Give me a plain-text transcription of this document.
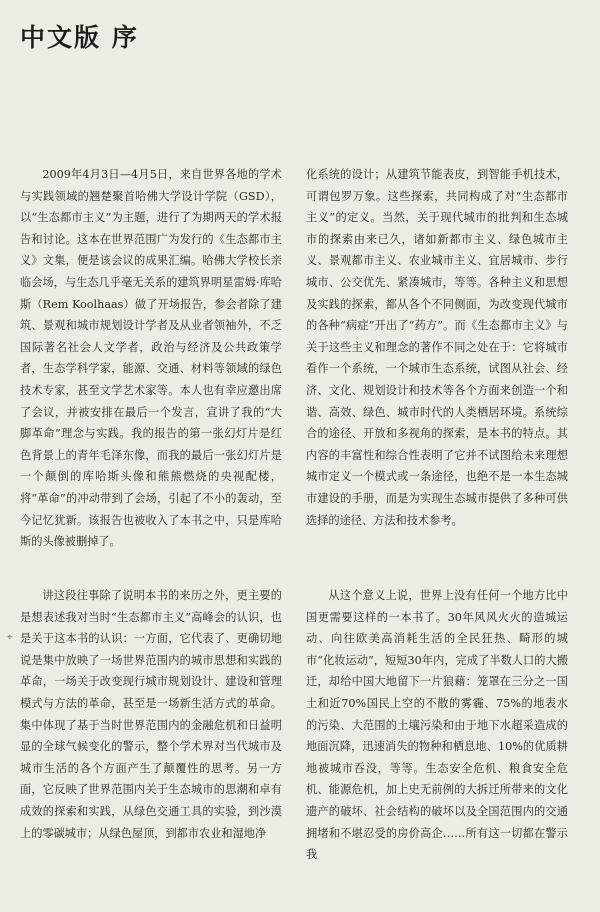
中文版 序

2009年4月3日—4月5日，来自世界各地的学术与实践领域的翘楚聚首哈佛大学设计学院（GSD），以“生态都市主义”为主题，进行了为期两天的学术报告和讨论。这本在世界范围广为发行的《生态都市主义》文集，便是该会议的成果汇编。哈佛大学校长亲临会场，与生态几乎毫无关系的建筑界明星雷姆·库哈斯（Rem Koolhaas）做了开场报告，参会者除了建筑、景观和城市规划设计学者及从业者领袖外，不乏国际著名社会人文学者，政治与经济及公共政策学者，生态学科学家，能源、交通、材料等领域的绿色技术专家，甚至文学艺术家等。本人也有幸应邀出席了会议，并被安排在最后一个发言，宣讲了我的“大脚革命”理念与实践。我的报告的第一张幻灯片是红色背景上的青年毛泽东像，而我的最后一张幻灯片是一个颠倒的库哈斯头像和熊熊燃烧的央视配楼，将“革命”的冲动带到了会场，引起了不小的轰动，至今记忆犹新。该报告也被收入了本书之中，只是库哈斯的头像被删掉了。

化系统的设计；从建筑节能表皮，到智能手机技术，可谓包罗万象。这些探索，共同构成了对“生态都市主义”的定义。当然，关于现代城市的批判和生态城市的探索由来已久，诸如新都市主义、绿色城市主义、景观都市主义、农业城市主义、宜居城市、步行城市、公交优先、紧凑城市，等等。各种主义和思想及实践的探索，都从各个不同侧面，为改变现代城市的各种“病症”开出了“药方”。而《生态都市主义》与关于这些主义和理念的著作不同之处在于：它将城市看作一个系统，一个城市生态系统，试图从社会、经济、文化、规划设计和技术等各个方面来创造一个和谐、高效、绿色、城市时代的人类栖居环境。系统综合的途径、开放和多视角的探索，是本书的特点。其内容的丰富性和综合性表明了它并不试图给未来理想城市定义一个模式或一条途径，也绝不是一本生态城市建设的手册，而是为实现生态城市提供了多种可供选择的途径、方法和技术参考。

讲这段往事除了说明本书的来历之外，更主要的是想表述我对当时“生态都市主义”高峰会的认识，也是关于这本书的认识：一方面，它代表了、更确切地说是集中放映了一场世界范围内的城市思想和实践的革命，一场关于改变现行城市规划设计、建设和管理模式与方法的革命，甚至是一场新生活方式的革命。集中体现了基于当时世界范围内的金融危机和日益明显的全球气候变化的警示，整个学术界对当代城市及城市生活的各个方面产生了颠覆性的思考。另一方面，它反映了世界范围内关于生态城市的思潮和卓有成效的探索和实践，从绿色交通工具的实验，到沙漠上的零碳城市；从绿色屋顶，到都市农业和湿地净

从这个意义上说，世界上没有任何一个地方比中国更需要这样的一本书了。30年风风火火的造城运动、向往欧美高消耗生活的全民狂热、畸形的城市“化妆运动”，短短30年内，完成了半数人口的大搬迁，却给中国大地留下一片狼藉：笼罩在三分之一国土和近70%国民上空的不散的雾霾、75%的地表水的污染、大范围的土壤污染和由于地下水超采造成的地面沉降，迅速消失的物种和栖息地、10%的优质耕地被城市吞没，等等。生态安全危机、粮食安全危机、能源危机，加上史无前例的大拆迁所带来的文化遗产的破坏、社会结构的破坏以及全国范围内的交通拥堵和不堪忍受的房价高企……所有这一切都在警示我

⌖
